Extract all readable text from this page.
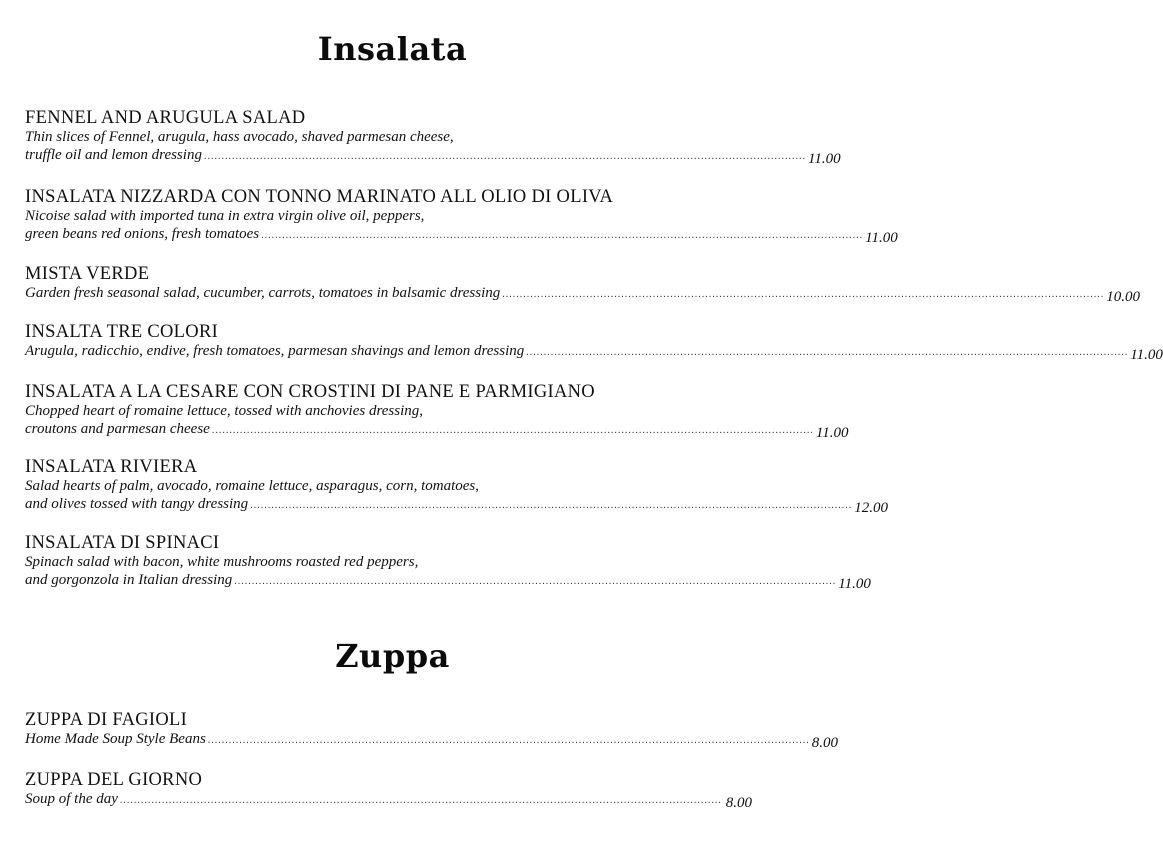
Insalata
FENNEL AND ARUGULA SALAD
Thin slices of Fennel, arugula, hass avocado, shaved parmesan cheese,
truffle oil and lemon dressing ............................................................................................................................................................................ 11.00
INSALATA NIZZARDA CON TONNO MARINATO ALL OLIO DI OLIVA
Nicoise salad with imported tuna in extra virgin olive oil, peppers,
green beans red onions, fresh tomatoes ............................................................................................................................................................................ 11.00
MISTA VERDE
Garden fresh seasonal salad, cucumber, carrots, tomatoes in balsamic dressing ............................................................................................................................................................................ 10.00
INSALTA TRE COLORI
Arugula, radicchio, endive, fresh tomatoes, parmesan shavings and lemon dressing ............................................................................................................................................................................ 11.00
INSALATA A LA CESARE CON CROSTINI DI PANE E PARMIGIANO
Chopped heart of romaine lettuce, tossed with anchovies dressing,
croutons and parmesan cheese ............................................................................................................................................................................ 11.00
INSALATA RIVIERA
Salad hearts of palm, avocado, romaine lettuce, asparagus, corn, tomatoes,
and olives tossed with tangy dressing ............................................................................................................................................................................ 12.00
INSALATA DI SPINACI
Spinach salad with bacon, white mushrooms roasted red peppers,
and gorgonzola in Italian dressing ............................................................................................................................................................................ 11.00
Zuppa
ZUPPA DI FAGIOLI
Home Made Soup Style Beans ............................................................................................................................................................................ 8.00
ZUPPA DEL GIORNO
Soup of the day ............................................................................................................................................................................ 8.00
